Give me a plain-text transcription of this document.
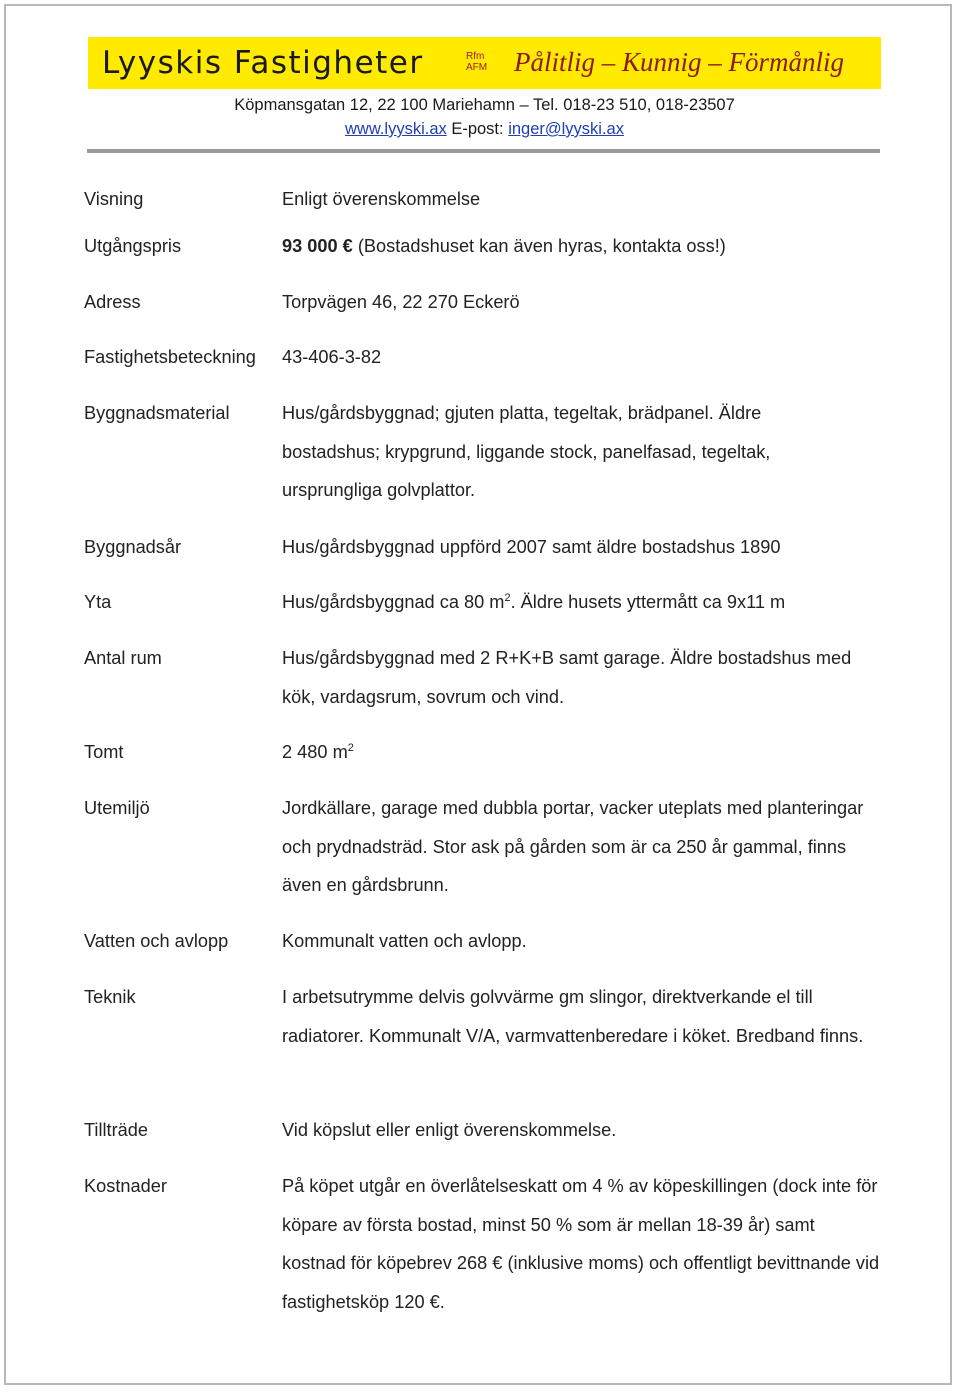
Lyyskis Fastigheter	Rfm
AFM Pålitlig – Kunnig – Förmånlig
Köpmansgatan 12, 22 100 Mariehamn – Tel. 018-23 510, 018-23507
www.lyyski.ax E-post: inger@lyyski.ax
Visning	Enligt överenskommelse
Utgångspris	93 000 € (Bostadshuset kan även hyras, kontakta oss!)
Adress	Torpvägen 46, 22 270 Eckerö
Fastighetsbeteckning 43-406-3-82
Byggnadsmaterial	Hus/gårdsbyggnad; gjuten platta, tegeltak, brädpanel. Äldre bostadshus; krypgrund, liggande stock, panelfasad, tegeltak, ursprungliga golvplattor.
Byggnadsår	Hus/gårdsbyggnad uppförd 2007 samt äldre bostadshus 1890
Yta	Hus/gårdsbyggnad ca 80 $m^2$. Äldre husets yttermått ca 9x11 m
Antal rum	Hus/gårdsbyggnad med 2 R+K+B samt garage. Äldre bostadshus med kök, vardagsrum, sovrum och vind.
Tomt	2 480 $m^2$
Utemiljö	Jordkällare, garage med dubbla portar, vacker uteplats med planteringar och prydnadsträd. Stor ask på gården som är ca 250 år gammal, finns även en gårdsbrunn.
Vatten och avlopp	Kommunalt vatten och avlopp.
Teknik	I arbetsutrymme delvis golvvärme gm slingor, direktverkande el till radiatorer. Kommunalt V/A, varmvattenberedare i köket. Bredband finns.
Tillträde	Vid köpslut eller enligt överenskommelse.
Kostnader	På köpet utgår en överlåtelseskatt om 4 % av köpeskillingen (dock inte för köpare av första bostad, minst 50 % som är mellan 18-39 år) samt kostnad för köpebrev 268 € (inklusive moms) och offentligt bevittnande vid fastighetsköp 120 €.
